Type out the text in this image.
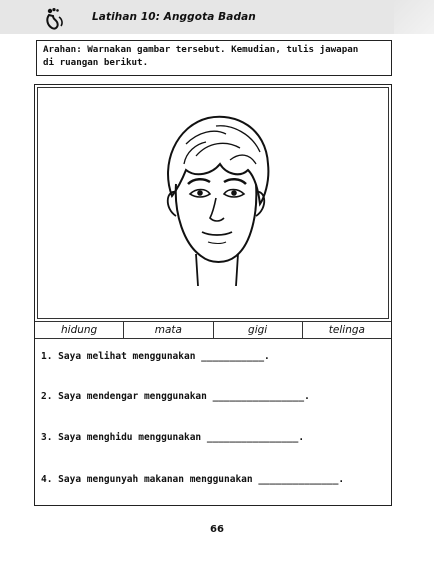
Latihan 10: Anggota Badan
Arahan: Warnakan gambar tersebut. Kemudian, tulis jawapan
di ruangan berikut.
hidung	mata	gigi	telinga
1. Saya melihat menggunakan ___________.
2. Saya mendengar menggunakan ________________.
3. Saya menghidu menggunakan ________________.
4. Saya mengunyah makanan menggunakan ______________.
66
